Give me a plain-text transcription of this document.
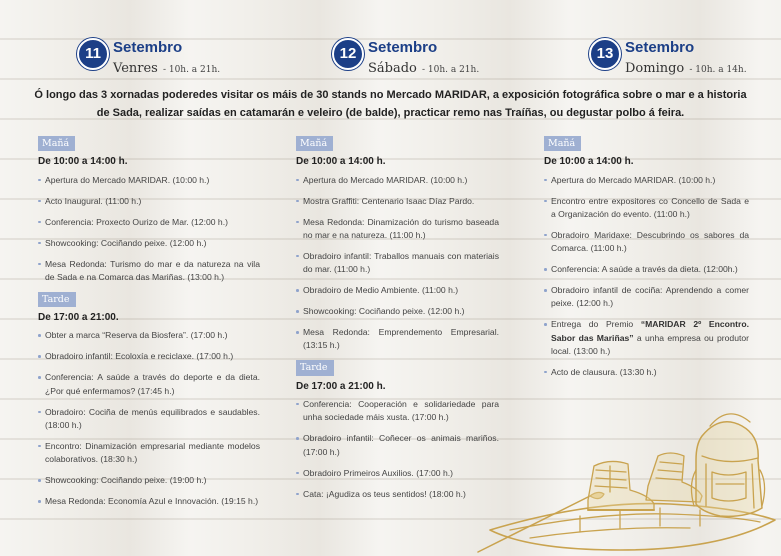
11 Setembro
Venres - 10h. a 21h.
12 Setembro
Sábado - 10h. a 21h.
13 Setembro
Domingo - 10h. a 14h.
Ó longo das 3 xornadas poderedes visitar os máis de 30 stands no Mercado MARIDAR, a exposición fotográfica sobre o mar e a historia
de Sada, realizar saídas en catamarán e veleiro (de balde), practicar remo nas Traíñas, ou degustar polbo á feira.
Mañá
De 10:00 a 14:00 h.
Apertura do Mercado MARIDAR. (10:00 h.)
Acto Inaugural. (11:00 h.)
Conferencia: Proxecto Ourizo de Mar. (12:00 h.)
Showcooking: Cociñando peixe. (12:00 h.)
Mesa Redonda: Turismo do mar e da natureza na vila de Sada e na Comarca das Mariñas. (13:00 h.)
Tarde
De 17:00 a 21:00.
Obter a marca “Reserva da Biosfera”. (17:00 h.)
Obradoiro infantil: Ecoloxía e reciclaxe. (17:00 h.)
Conferencia: A saúde a través do deporte e da dieta. ¿Por qué enfermamos? (17:45 h.)
Obradoiro: Cociña de menús equilibrados e saudables. (18:00 h.)
Encontro: Dinamización empresarial mediante modelos colaborativos. (18:30 h.)
Showcooking: Cociñando peixe. (19:00 h.)
Mesa Redonda: Economía Azul e Innovación. (19:15 h.)
Mañá
De 10:00 a 14:00 h.
Apertura do Mercado MARIDAR. (10:00 h.)
Mostra Graffiti: Centenario Isaac Díaz Pardo.
Mesa Redonda: Dinamización do turismo baseada no mar e na natureza. (11:00 h.)
Obradoiro infantil: Traballos manuais con materiais do mar. (11:00 h.)
Obradoiro de Medio Ambiente. (11:00 h.)
Showcooking: Cociñando peixe. (12:00 h.)
Mesa Redonda: Emprendemento Empresarial. (13:15 h.)
Tarde
De 17:00 a 21:00 h.
Conferencia: Cooperación e solidariedade para unha sociedade máis xusta. (17:00 h.)
Obradoiro infantil: Coñecer os animais mariños. (17:00 h.)
Obradoiro Primeiros Auxilios. (17:00 h.)
Cata: ¡Agudiza os teus sentidos! (18:00 h.)
Mañá
De 10:00 a 14:00 h.
Apertura do Mercado MARIDAR. (10:00 h.)
Encontro entre expositores co Concello de Sada e a Organización do evento. (11:00 h.)
Obradoiro Maridaxe: Descubrindo os sabores da Comarca. (11:00 h.)
Conferencia: A saúde a través da dieta. (12:00h.)
Obradoiro infantil de cociña: Aprendendo a comer peixe. (12:00 h.)
Entrega do Premio “MARIDAR 2º Encontro. Sabor das Mariñas” a unha empresa ou produtor local. (13:00 h.)
Acto de clausura. (13:30 h.)
